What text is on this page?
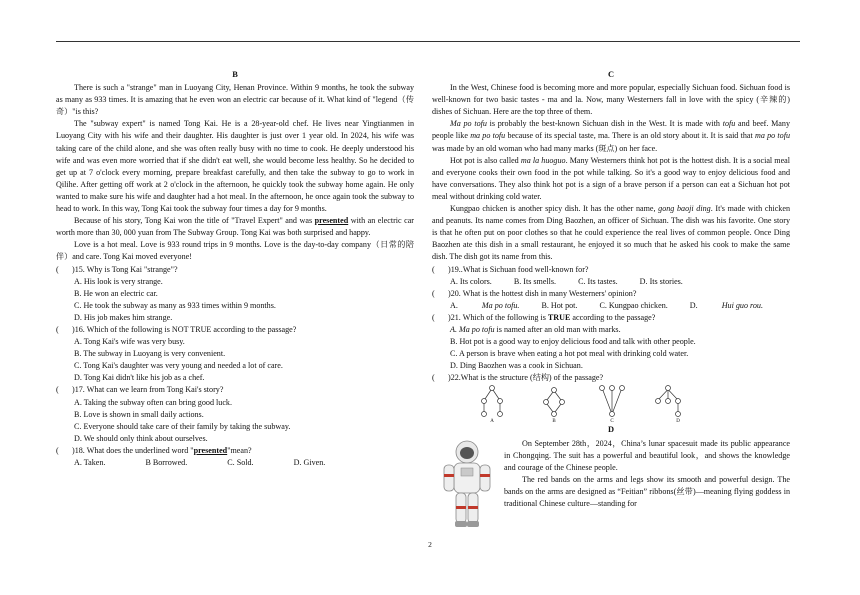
B

There is such a "strange" man in Luoyang City, Henan Province. Within 9 months, he took the subway as many as 933 times. It is amazing that he even won an electric car because of it. What kind of "legend（传奇）"is this?

The "subway expert" is named Tong Kai. He is a 28-year-old chef. He lives near Yingtianmen in Luoyang City with his wife and their daughter. His daughter is just over 1 year old. In 2024, his wife was taking care of the child alone, and she was often really busy with no time to cook. He deeply understood his wife and was even more worried that if she didn't eat well, she would become less healthy. So he decided to get up at 7 o'clock every morning, prepare breakfast carefully, and then take the subway to go to work in Qilihe. After getting off work at 2 o'clock in the afternoon, he quickly took the subway home again. He only wanted to make sure his wife and daughter had a hot meal. In the afternoon, he once again took the subway to head to work. In this way, Tong Kai took the subway four times a day for 9 months.

Because of his story, Tong Kai won the title of "Travel Expert" and was presented with an electric car worth more than 30, 000 yuan from The Subway Group. Tong Kai was both surprised and happy.

Love is a hot meal. Love is 933 round trips in 9 months. Love is the day-to-day company（日常的陪伴）and care. Tong Kai moved everyone!

(	)15. Why is Tong Kai "strange"?
A. His look is very strange.
B. He won an electric car.
C. He took the subway as many as 933 times within 9 months.
D. His job makes him strange.
(	)16. Which of the following is NOT TRUE according to the passage?
A. Tong Kai's wife was very busy.
B. The subway in Luoyang is very convenient.
C. Tong Kai's daughter was very young and needed a lot of care.
D. Tong Kai didn't like his job as a chef.
(	)17. What can we learn from Tong Kai's story?
A. Taking the subway often can bring good luck.
B. Love is shown in small daily actions.
C. Everyone should take care of their family by taking the subway.
D. We should only think about ourselves.
(	)18. What does the underlined word "presented"mean?
A. Taken.	B Borrowed.	C. Sold.	D. Given.
C

In the West, Chinese food is becoming more and more popular, especially Sichuan food. Sichuan food is well-known for two basic tastes - ma and la. Now, many Westerners fall in love with the spicy (辛辣的) dishes of Sichuan. Here are the top three of them.

Ma po tofu is probably the best-known Sichuan dish in the West. It is made with tofu and beef. Many people like ma po tofu because of its special taste, ma. There is an old story about it. It is said that ma po tofu was made by an old woman who had many marks (斑点) on her face.

Hot pot is also called ma la huoguo. Many Westerners think hot pot is the hottest dish. It is a social meal and everyone cooks their own food in the pot while talking. So it's a good way to enjoy delicious food and have conversations. They also think hot pot is a sign of a brave person if a person can eat a Sichuan hot pot meal without drinking cold water.

Kungpao chicken is another spicy dish. It has the other name, gong baoji ding. It's made with chicken and peanuts. Its name comes from Ding Baozhen, an officer of Sichuan. The dish was his favorite. One story is that he often put on poor clothes so that he could experience the real lives of common people. Once Ding Baozhen ate this dish in a small restaurant, he enjoyed it so much that he asked his cook to make the same dish. The dish got its name from this.

(	)19..What is Sichuan food well-known for?
A. Its colors.	B. Its smells.	C. Its tastes.	D. Its stories.
(	)20. What is the hottest dish in many Westerners' opinion?
A.	Ma po tofu.	B. Hot pot.	C. Kungpao chicken.	D.	Hui guo rou.
(	)21. Which of the following is TRUE according to the passage?
A. Ma po tofu is named after an old man with marks.
B. Hot pot is a good way to enjoy delicious food and talk with other people.
C. A person is brave when eating a hot pot meal with drinking cold water.
D. Ding Baozhen was a cook in Sichuan.
(	)22.What is the structure (结构) of the passage?
A	B	C	D
D

On September 28th，2024，China’s lunar spacesuit made its public appearance in Chongqing. The suit has a powerful and beautiful look，and shows the knowledge and courage of the Chinese people.

The red bands on the arms and legs show its smooth and powerful design. The bands on the arms are designed as “Feitian” ribbons(丝带)—meaning flying goddess in traditional Chinese culture—standing for

2
